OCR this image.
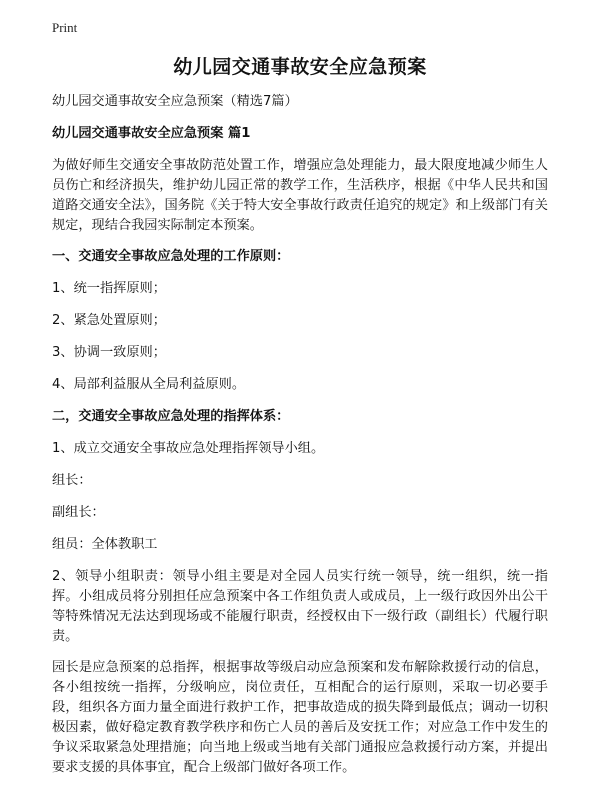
Print
幼儿园交通事故安全应急预案

幼儿园交通事故安全应急预案（精选7篇）

幼儿园交通事故安全应急预案 篇1

为做好师生交通安全事故防范处置工作，增强应急处理能力，最大限度地减少师生人员伤亡和经济损失，维护幼儿园正常的教学工作，生活秩序，根据《中华人民共和国道路交通安全法》，国务院《关于特大安全事故行政责任追究的规定》和上级部门有关规定，现结合我园实际制定本预案。

一、交通安全事故应急处理的工作原则：

1、统一指挥原则；

2、紧急处置原则；

3、协调一致原则；

4、局部利益服从全局利益原则。

二，交通安全事故应急处理的指挥体系：

1、成立交通安全事故应急处理指挥领导小组。

组长：

副组长：

组员：全体教职工

2、领导小组职责：领导小组主要是对全园人员实行统一领导，统一组织，统一指挥。小组成员将分别担任应急预案中各工作组负责人或成员，上一级行政因外出公干等特殊情况无法达到现场或不能履行职责，经授权由下一级行政（副组长）代履行职责。

园长是应急预案的总指挥，根据事故等级启动应急预案和发布解除救援行动的信息，各小组按统一指挥，分级响应，岗位责任，互相配合的运行原则，采取一切必要手段，组织各方面力量全面进行救护工作，把事故造成的损失降到最低点；调动一切积极因素，做好稳定教育教学秩序和伤亡人员的善后及安抚工作；对应急工作中发生的争议采取紧急处理措施；向当地上级或当地有关部门通报应急救援行动方案，并提出要求支援的具体事宜，配合上级部门做好各项工作。
